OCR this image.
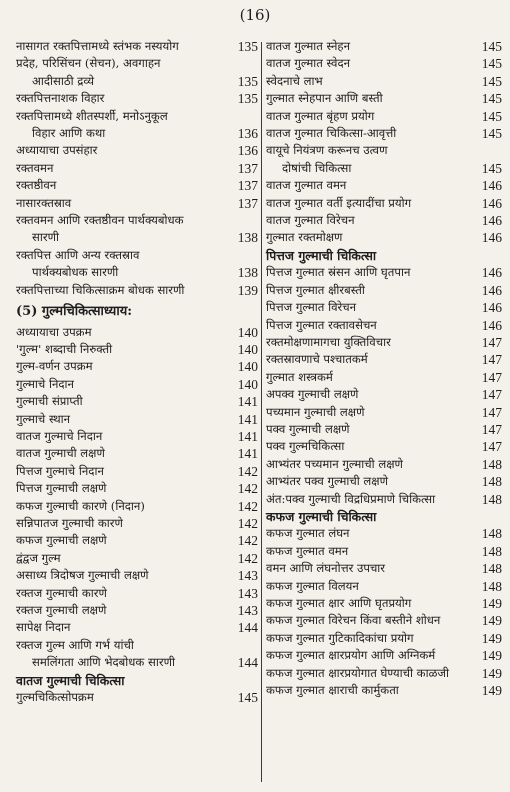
(16)
नासागत रक्तपित्तामध्ये स्तंभक नस्ययोग	135
प्रदेह, परिसिंचन (सेचन), अवगाहन
आदीसाठी द्रव्ये	135
रक्तपित्तनाशक विहार	135
रक्तपित्तामध्ये शीतस्पर्शी, मनोऽनुकूल
विहार आणि कथा	136
अध्यायाचा उपसंहार	136
रक्तवमन	137
रक्तष्ठीवन	137
नासारक्तस्राव	137
रक्तवमन आणि रक्तष्ठीवन पार्थक्यबोधक
सारणी	138
रक्तपित्त आणि अन्य रक्तस्राव
पार्थक्यबोधक सारणी	138
रक्तपित्ताच्या चिकित्साक्रम बोधक सारणी	139
(5) गुल्मचिकित्साध्याय:
अध्यायाचा उपक्रम	140
'गुल्म' शब्दाची निरुक्ती	140
गुल्म-वर्णन उपक्रम	140
गुल्माचे निदान	140
गुल्माची संप्राप्ती	141
गुल्माचे स्थान	141
वातज गुल्माचे निदान	141
वातज गुल्माची लक्षणे	141
पित्तज गुल्माचे निदान	142
पित्तज गुल्माची लक्षणे	142
कफज गुल्माची कारणे (निदान)	142
सन्निपातज गुल्माची कारणे	142
कफज गुल्माची लक्षणे	142
द्वंद्वज गुल्म	142
असाध्य त्रिदोषज गुल्माची लक्षणे	143
रक्तज गुल्माची कारणे	143
रक्तज गुल्माची लक्षणे	143
सापेक्ष निदान	144
रक्तज गुल्म आणि गर्भ यांची
समलिंगता आणि भेदबोधक सारणी	144
वातज गुल्माची चिकित्सा
गुल्मचिकित्सोपक्रम	145
वातज गुल्मात स्नेहन	145
वातज गुल्मात स्वेदन	145
स्वेदनाचे लाभ	145
गुल्मात स्नेहपान आणि बस्ती	145
वातज गुल्मात बृंहण प्रयोग	145
वातज गुल्मात चिकित्सा-आवृत्ती	145
वायूचे नियंत्रण करूनच उत्वण
दोषांची चिकित्सा	145
वातज गुल्मात वमन	146
वातज गुल्मात वर्ती इत्यादींचा प्रयोग	146
वातज गुल्मात विरेचन	146
गुल्मात रक्तमोक्षण	146
पित्तज गुल्माची चिकित्सा
पित्तज गुल्मात स्रंसन आणि घृतपान	146
पित्तज गुल्मात क्षीरबस्ती	146
पित्तज गुल्मात विरेचन	146
पित्तज गुल्मात रक्तावसेचन	146
रक्तमोक्षणामागचा युक्तिविचार	147
रक्तस्रावणाचे पश्चातकर्म	147
गुल्मात शस्त्रकर्म	147
अपक्व गुल्माची लक्षणे	147
पच्यमान गुल्माची लक्षणे	147
पक्व गुल्माची लक्षणे	147
पक्व गुल्मचिकित्सा	147
आभ्यंतर पच्यमान गुल्माची लक्षणे	148
आभ्यंतर पक्व गुल्माची लक्षणे	148
अंत:पक्व गुल्माची विद्रधिप्रमाणे चिकित्सा	148
कफज गुल्माची चिकित्सा
कफज गुल्मात लंघन	148
कफज गुल्मात वमन	148
वमन आणि लंघनोत्तर उपचार	148
कफज गुल्मात विलयन	148
कफज गुल्मात क्षार आणि घृतप्रयोग	149
कफज गुल्मात विरेचन किंवा बस्तीने शोधन	149
कफज गुल्मात गुटिकादिकांचा प्रयोग	149
कफज गुल्मात क्षारप्रयोग आणि अग्निकर्म	149
कफज गुल्मात क्षारप्रयोगात घेण्याची काळजी	149
कफज गुल्मात क्षाराची कार्मुकता	149
